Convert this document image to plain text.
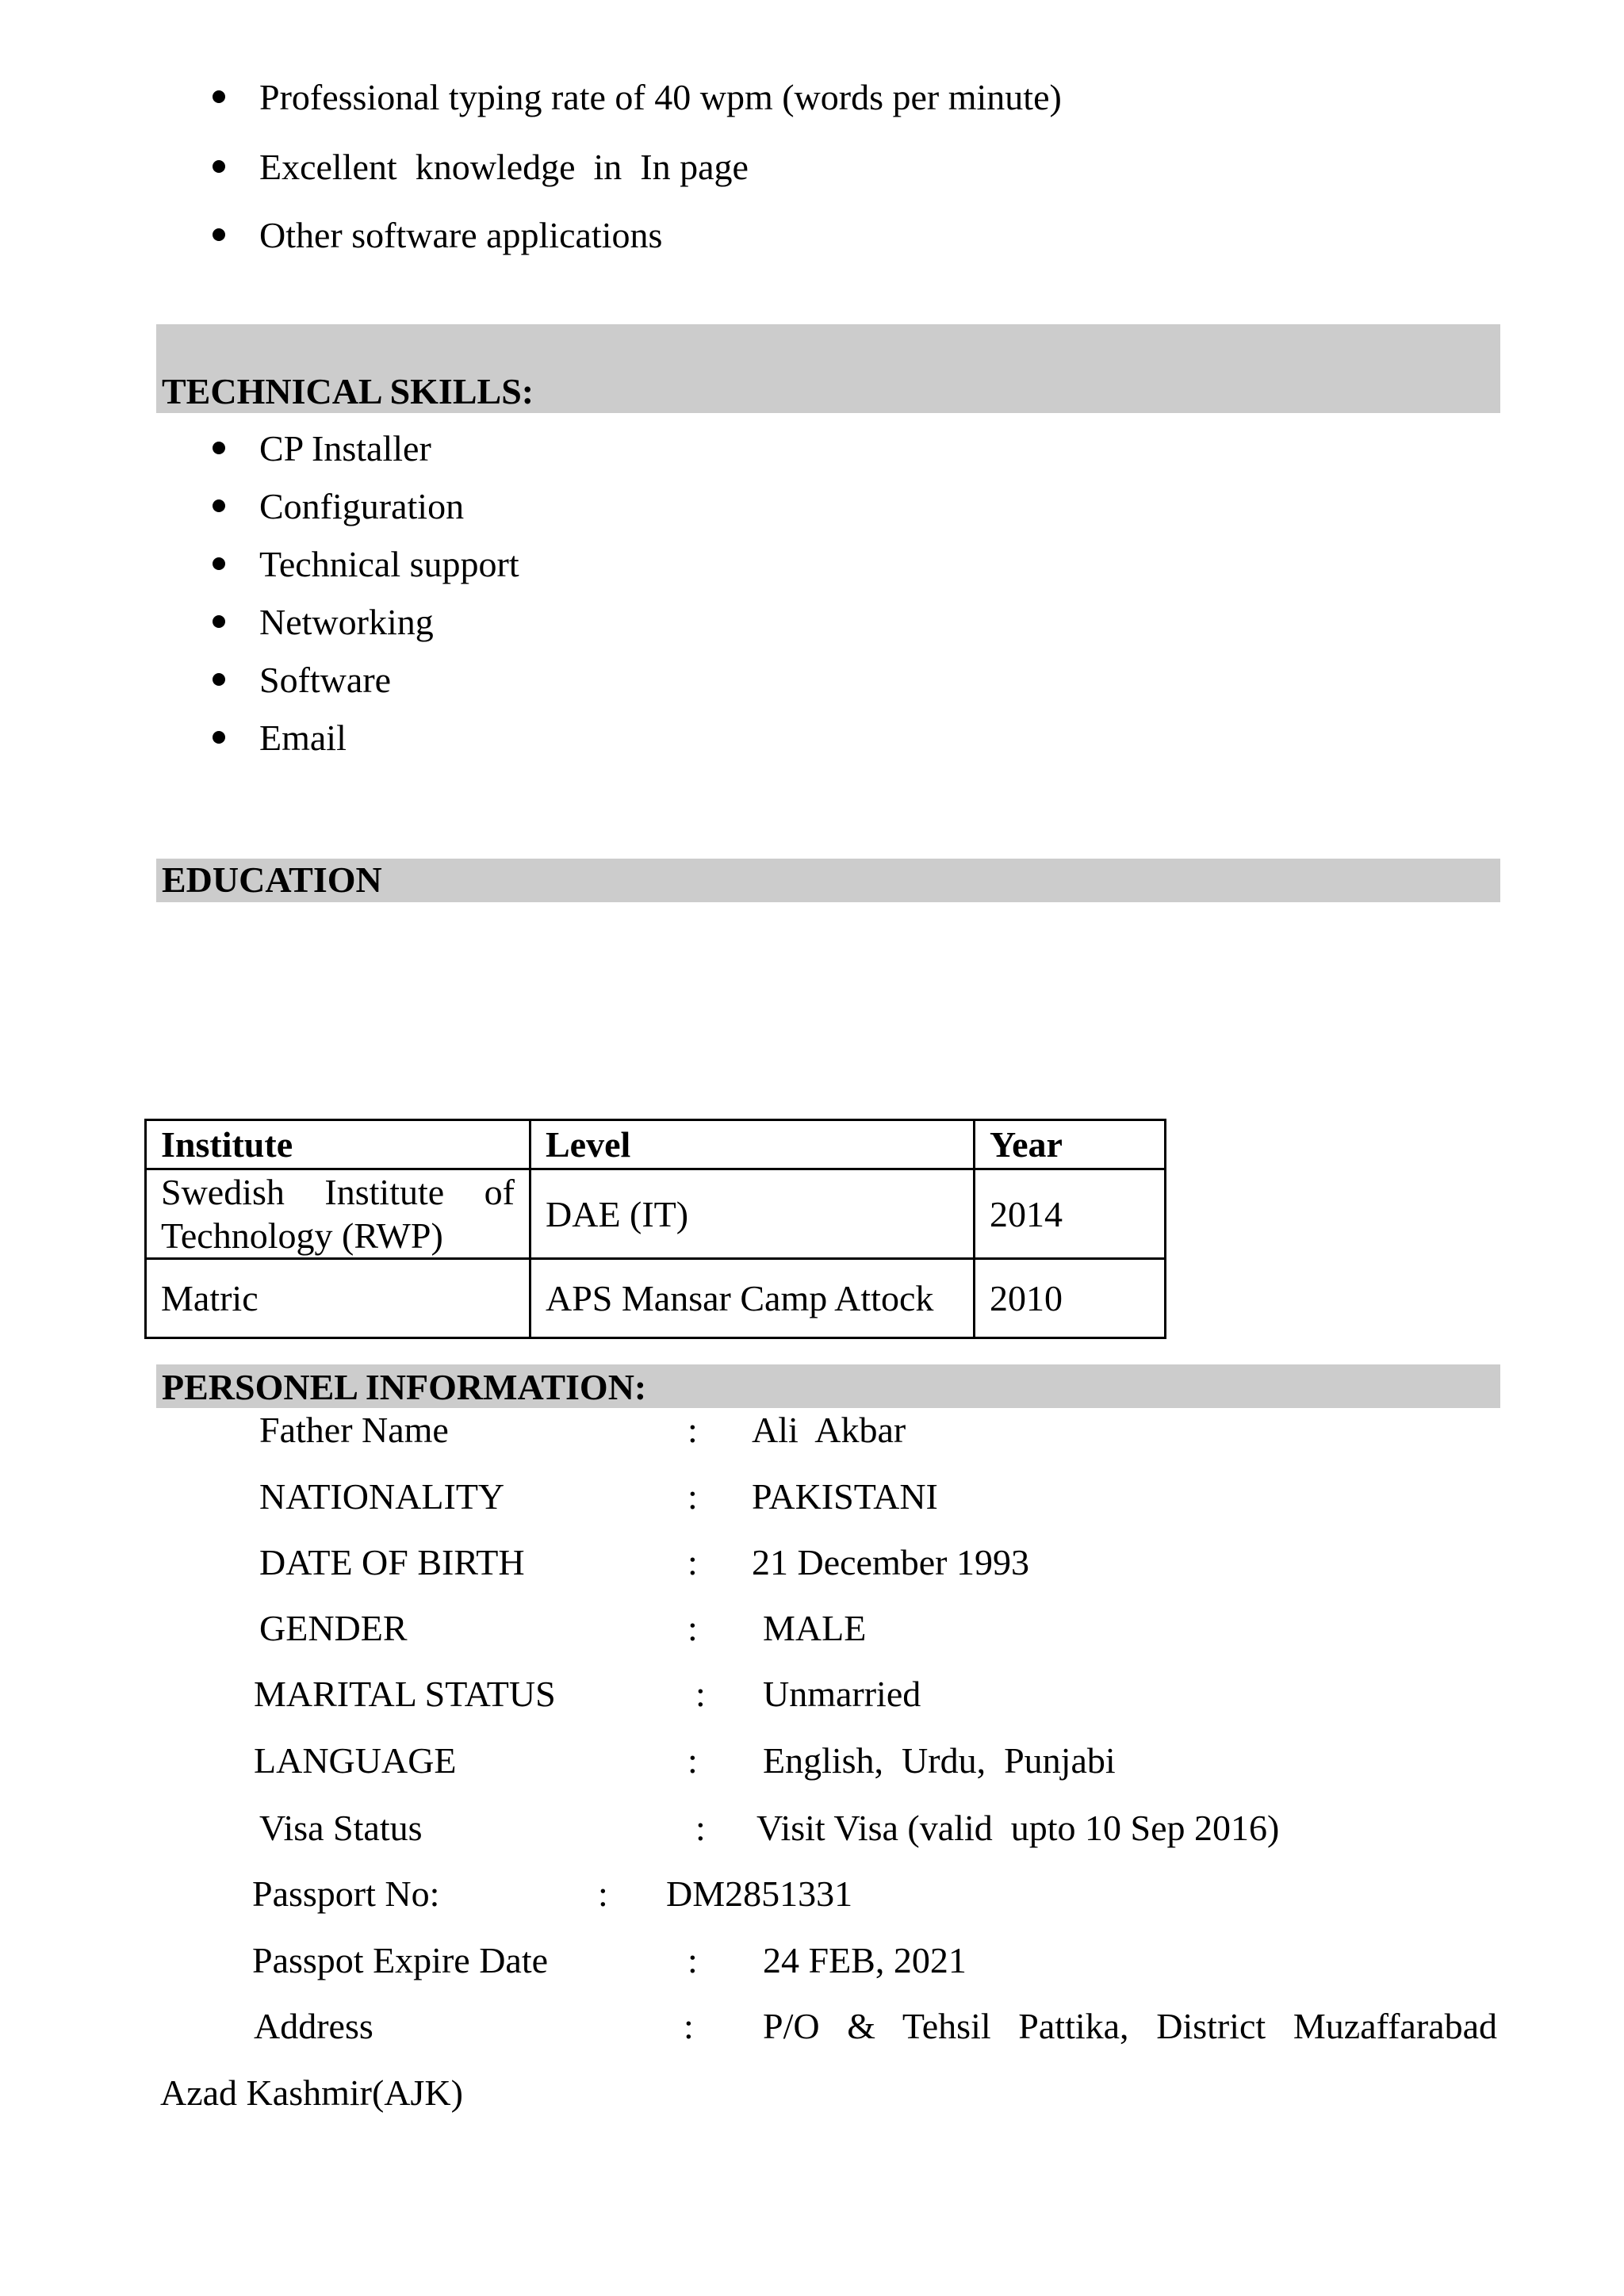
Professional typing rate of 40 wpm (words per minute)
Excellent  knowledge  in  In page
Other software applications
TECHNICAL SKILLS:
CP Installer
Configuration
Technical support
Networking
Software
Email
EDUCATION
Institute	Level	Year

Swedish Institute of
Technology (RWP)	DAE (IT)	2014
Matric	APS Mansar Camp Attock	2010
PERSONEL INFORMATION:
Father Name	: Ali  Akbar
NATIONALITY	: PAKISTANI
DATE OF BIRTH	: 21 December 1993
GENDER	: MALE
MARITAL STATUS	: Unmarried
LANGUAGE	: English,  Urdu,  Punjabi
Visa Status	: Visit Visa (valid  upto 10 Sep 2016)
Passport No:	: DM2851331
Passpot Expire Date	: 24 FEB, 2021
Address	: P/O & Tehsil Pattika, District Muzaffarabad
Azad Kashmir(AJK)
